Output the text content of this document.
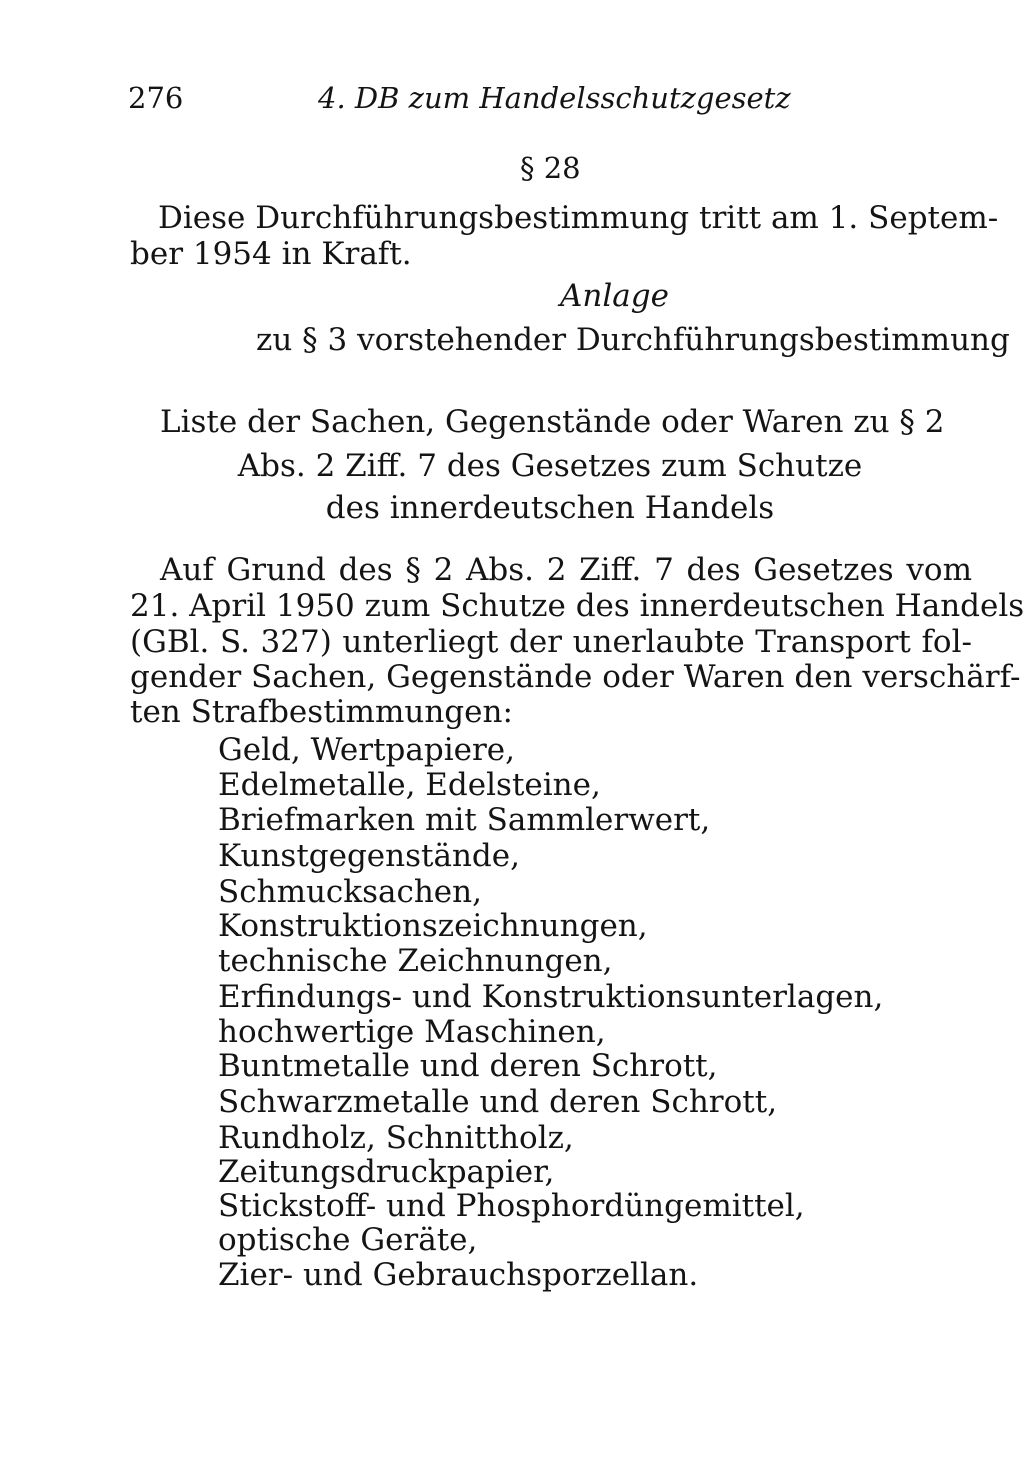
276	4. DB zum Handelsschutzgesetz
§ 28
Diese Durchführungsbestimmung tritt am 1. Septem-
ber 1954 in Kraft.
Anlage
zu § 3 vorstehender Durchführungsbestimmung
Liste der Sachen, Gegenstände oder Waren zu § 2
Abs. 2 Ziff. 7 des Gesetzes zum Schutze
des innerdeutschen Handels
Auf Grund des § 2 Abs. 2 Ziff. 7 des Gesetzes vom
21. April 1950 zum Schutze des innerdeutschen Handels
(GBl. S. 327) unterliegt der unerlaubte Transport fol-
gender Sachen, Gegenstände oder Waren den verschärf-
ten Strafbestimmungen:
Geld, Wertpapiere,
Edelmetalle, Edelsteine,
Briefmarken mit Sammlerwert,
Kunstgegenstände,
Schmucksachen,
Konstruktionszeichnungen,
technische Zeichnungen,
Erfindungs- und Konstruktionsunterlagen,
hochwertige Maschinen,
Buntmetalle und deren Schrott,
Schwarzmetalle und deren Schrott,
Rundholz, Schnittholz,
Zeitungsdruckpapier,
Stickstoff- und Phosphordüngemittel,
optische Geräte,
Zier- und Gebrauchsporzellan.
